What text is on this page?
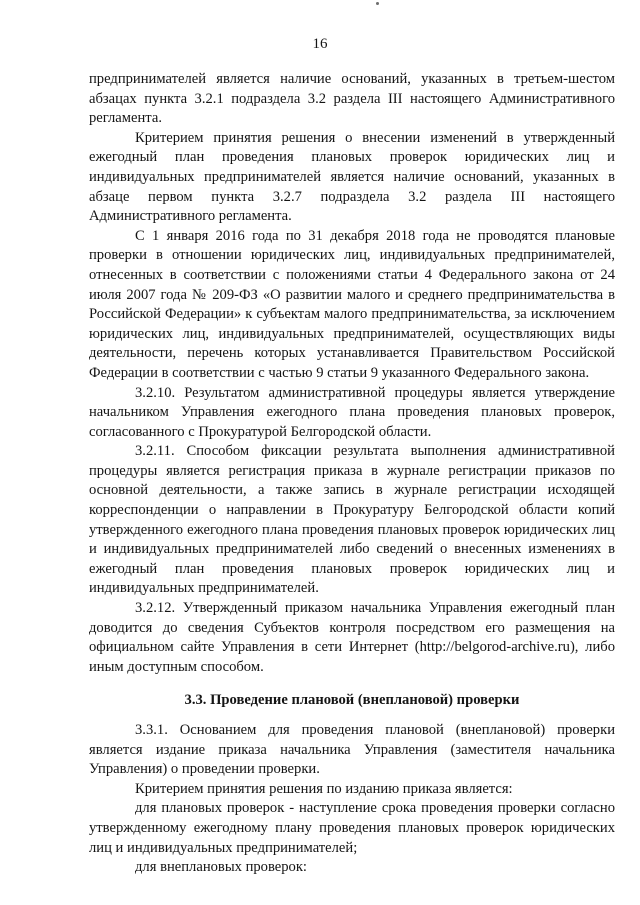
16

предпринимателей является наличие оснований, указанных в третьем-шестом абзацах пункта 3.2.1 подраздела 3.2 раздела III настоящего Административного регламента.

Критерием принятия решения о внесении изменений в утвержденный ежегодный план проведения плановых проверок юридических лиц и индивидуальных предпринимателей является наличие оснований, указанных в абзаце первом пункта 3.2.7 подраздела 3.2 раздела III настоящего Административного регламента.

С 1 января 2016 года по 31 декабря 2018 года не проводятся плановые проверки в отношении юридических лиц, индивидуальных предпринимателей, отнесенных в соответствии с положениями статьи 4 Федерального закона от 24 июля 2007 года № 209-ФЗ «О развитии малого и среднего предпринимательства в Российской Федерации» к субъектам малого предпринимательства, за исключением юридических лиц, индивидуальных предпринимателей, осуществляющих виды деятельности, перечень которых устанавливается Правительством Российской Федерации в соответствии с частью 9 статьи 9 указанного Федерального закона.

3.2.10. Результатом административной процедуры является утверждение начальником Управления ежегодного плана проведения плановых проверок, согласованного с Прокуратурой Белгородской области.

3.2.11. Способом фиксации результата выполнения административной процедуры является регистрация приказа в журнале регистрации приказов по основной деятельности, а также запись в журнале регистрации исходящей корреспонденции о направлении в Прокуратуру Белгородской области копий утвержденного ежегодного плана проведения плановых проверок юридических лиц и индивидуальных предпринимателей либо сведений о внесенных изменениях в ежегодный план проведения плановых проверок юридических лиц и индивидуальных предпринимателей.

3.2.12. Утвержденный приказом начальника Управления ежегодный план доводится до сведения Субъектов контроля посредством его размещения на официальном сайте Управления в сети Интернет (http://belgorod-archive.ru), либо иным доступным способом.

3.3. Проведение плановой (внеплановой) проверки

3.3.1. Основанием для проведения плановой (внеплановой) проверки является издание приказа начальника Управления (заместителя начальника Управления) о проведении проверки.

Критерием принятия решения по изданию приказа является:

для плановых проверок - наступление срока проведения проверки согласно утвержденному ежегодному плану проведения плановых проверок юридических лиц и индивидуальных предпринимателей;

для внеплановых проверок:
